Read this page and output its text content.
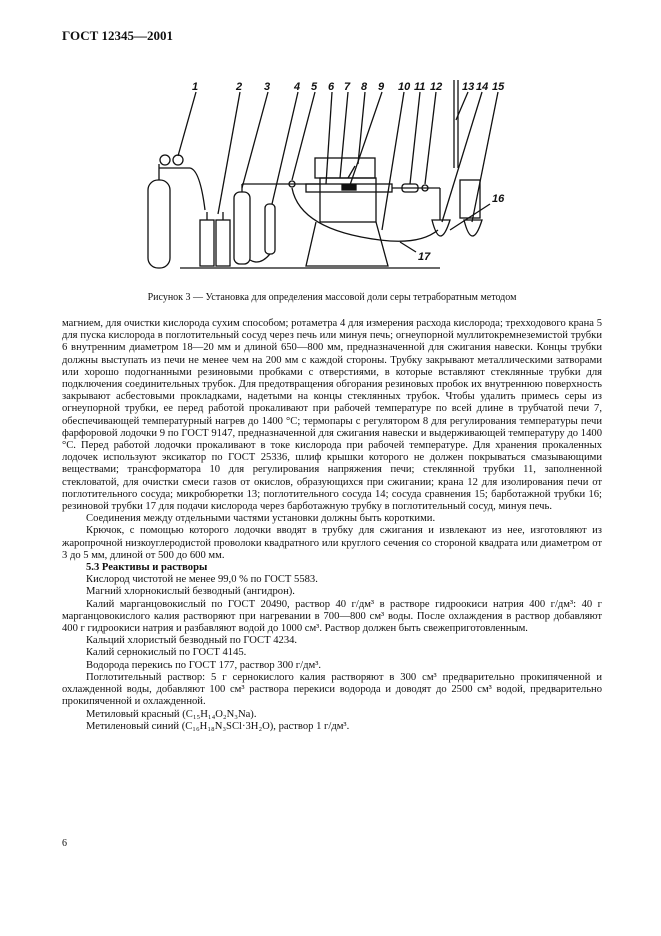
ГОСТ 12345—2001
1	2 3 4 5 6 7 8 9 10 11 12 13 14 15
16
17
Рисунок 3 — Установка для определения массовой доли серы тетраборатным методом

магнием, для очистки кислорода сухим способом; ротаметра 4 для измерения расхода кислорода; трехходового крана 5 для пуска кислорода в поглотительный сосуд через печь или минуя печь; огнеупорной муллитокремнеземистой трубки 6 внутренним диаметром 18—20 мм и длиной 650—800 мм, предназначенной для сжигания навески. Концы трубки должны выступать из печи не менее чем на 200 мм с каждой стороны. Трубку закрывают металлическими затворами или хорошо подогнанными резиновыми пробками с отверстиями, в которые вставляют стеклянные трубки для подключения соединительных трубок. Для предотвращения обгорания резиновых пробок их внутреннюю поверхность закрывают асбестовыми прокладками, надетыми на концы стеклянных трубок. Чтобы удалить примесь серы из огнеупорной трубки, ее перед работой прокаливают при рабочей температуре по всей длине в трубчатой печи 7, обеспечивающей температурный нагрев до 1400 °С; термопары с регулятором 8 для регулирования температуры печи фарфоровой лодочки 9 по ГОСТ 9147, предназначенной для сжигания навески и выдерживающей температуру до 1400 °С. Перед работой лодочки прокаливают в токе кислорода при рабочей температуре. Для хранения прокаленных лодочек используют эксикатор по ГОСТ 25336, шлиф крышки которого не должен покрываться смазывающими веществами; трансформатора 10 для регулирования напряжения печи; стеклянной трубки 11, заполненной стекловатой, для очистки смеси газов от окислов, образующихся при сжигании; крана 12 для изолирования печи от поглотительного сосуда; микробюретки 13; поглотительного сосуда 14; сосуда сравнения 15; барботажной трубки 16; резиновой трубки 17 для подачи кислорода через барботажную трубку в поглотительный сосуд, минуя печь.

Соединения между отдельными частями установки должны быть короткими.

Крючок, с помощью которого лодочки вводят в трубку для сжигания и извлекают из нее, изготовляют из жаропрочной низкоуглеродистой проволоки квадратного или круглого сечения со стороной квадрата или диаметром от 3 до 5 мм, длиной от 500 до 600 мм.

5.3 Реактивы и растворы

Кислород чистотой не менее 99,0 % по ГОСТ 5583.

Магний хлорнокислый безводный (ангидрон).

Калий марганцовокислый по ГОСТ 20490, раствор 40 г/дм³ в растворе гидроокиси натрия 400 г/дм³: 40 г марганцовокислого калия растворяют при нагревании в 700—800 см³ воды. После охлаждения в раствор добавляют 400 г гидроокиси натрия и разбавляют водой до 1000 см³. Раствор должен быть свежеприготовленным.

Кальций хлористый безводный по ГОСТ 4234.

Калий сернокислый по ГОСТ 4145.

Водорода перекись по ГОСТ 177, раствор 300 г/дм³.

Поглотительный раствор: 5 г сернокислого калия растворяют в 300 см³ предварительно прокипяченной и охлажденной воды, добавляют 100 см³ раствора перекиси водорода и доводят до 2500 см³ водой, предварительно прокипяченной и охлажденной.

Метиловый красный (C₁₅H₁₄O₂N₃Na).

Метиленовый синий (C₁₆H₁₈N₃SCl·3H₂O), раствор 1 г/дм³.

6
